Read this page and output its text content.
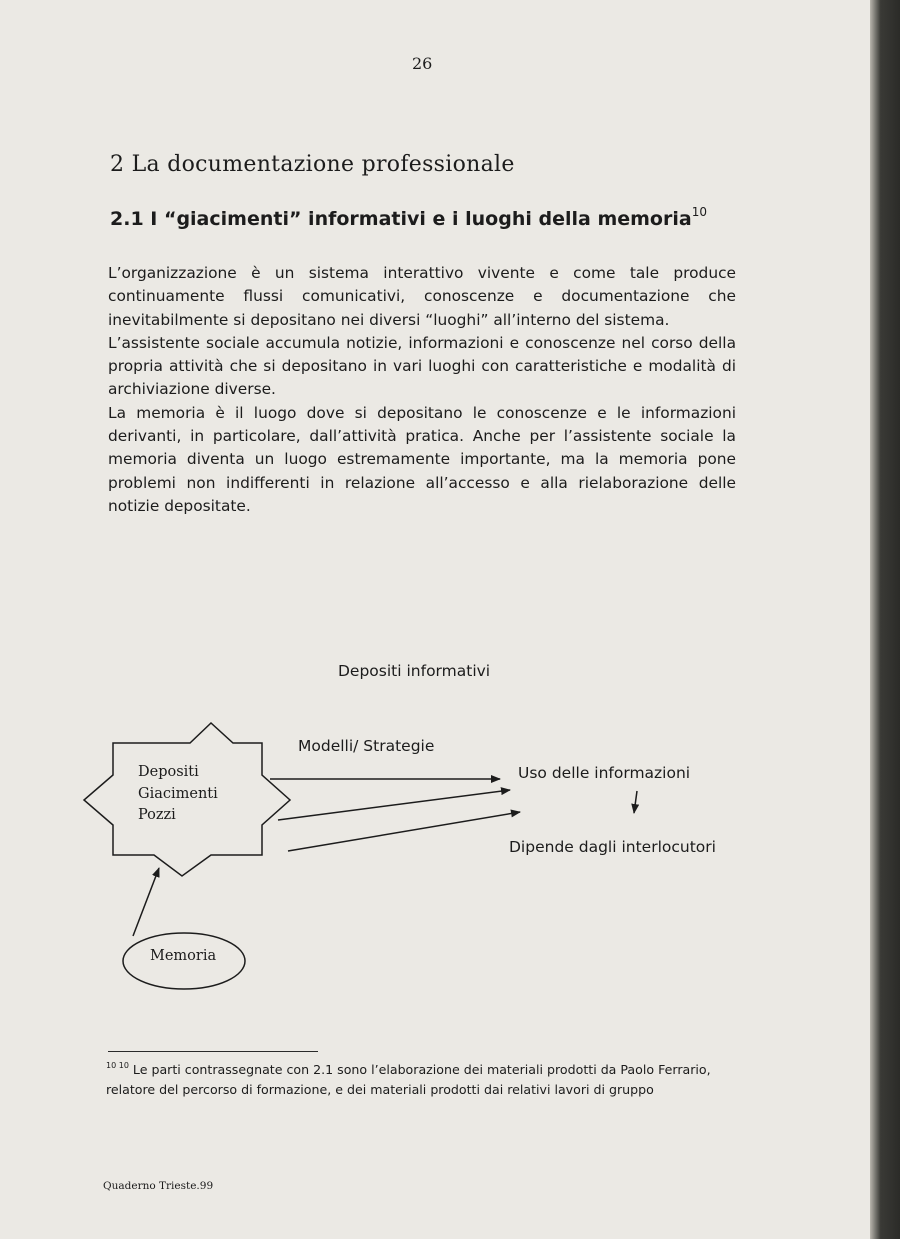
26
2 La documentazione professionale
2.1 I “giacimenti” informativi e i luoghi della memoria$^{10}$

L’organizzazione è un sistema interattivo vivente e come tale produce continuamente flussi comunicativi, conoscenze e documentazione che inevitabilmente si depositano nei diversi “luoghi” all’interno del sistema.

L’assistente sociale accumula notizie, informazioni e conoscenze nel corso della propria attività che si depositano in vari luoghi con caratteristiche e modalità di archiviazione diverse.

La memoria è il luogo dove si depositano le conoscenze e le informazioni derivanti, in particolare, dall’attività pratica. Anche per l’assistente sociale la memoria diventa un luogo estremamente importante, ma la memoria pone problemi non indifferenti in relazione all’accesso e alla rielaborazione delle notizie depositate.

Depositi informativi
Depositi
Giacimenti
Pozzi
Modelli/ Strategie
Uso delle informazioni
Dipende dagli interlocutori
Memoria
$^{10 10}$ Le parti contrassegnate con 2.1 sono l’elaborazione dei materiali prodotti da Paolo Ferrario, relatore del percorso di formazione, e dei materiali prodotti dai relativi lavori di gruppo
Quaderno Trieste.99
